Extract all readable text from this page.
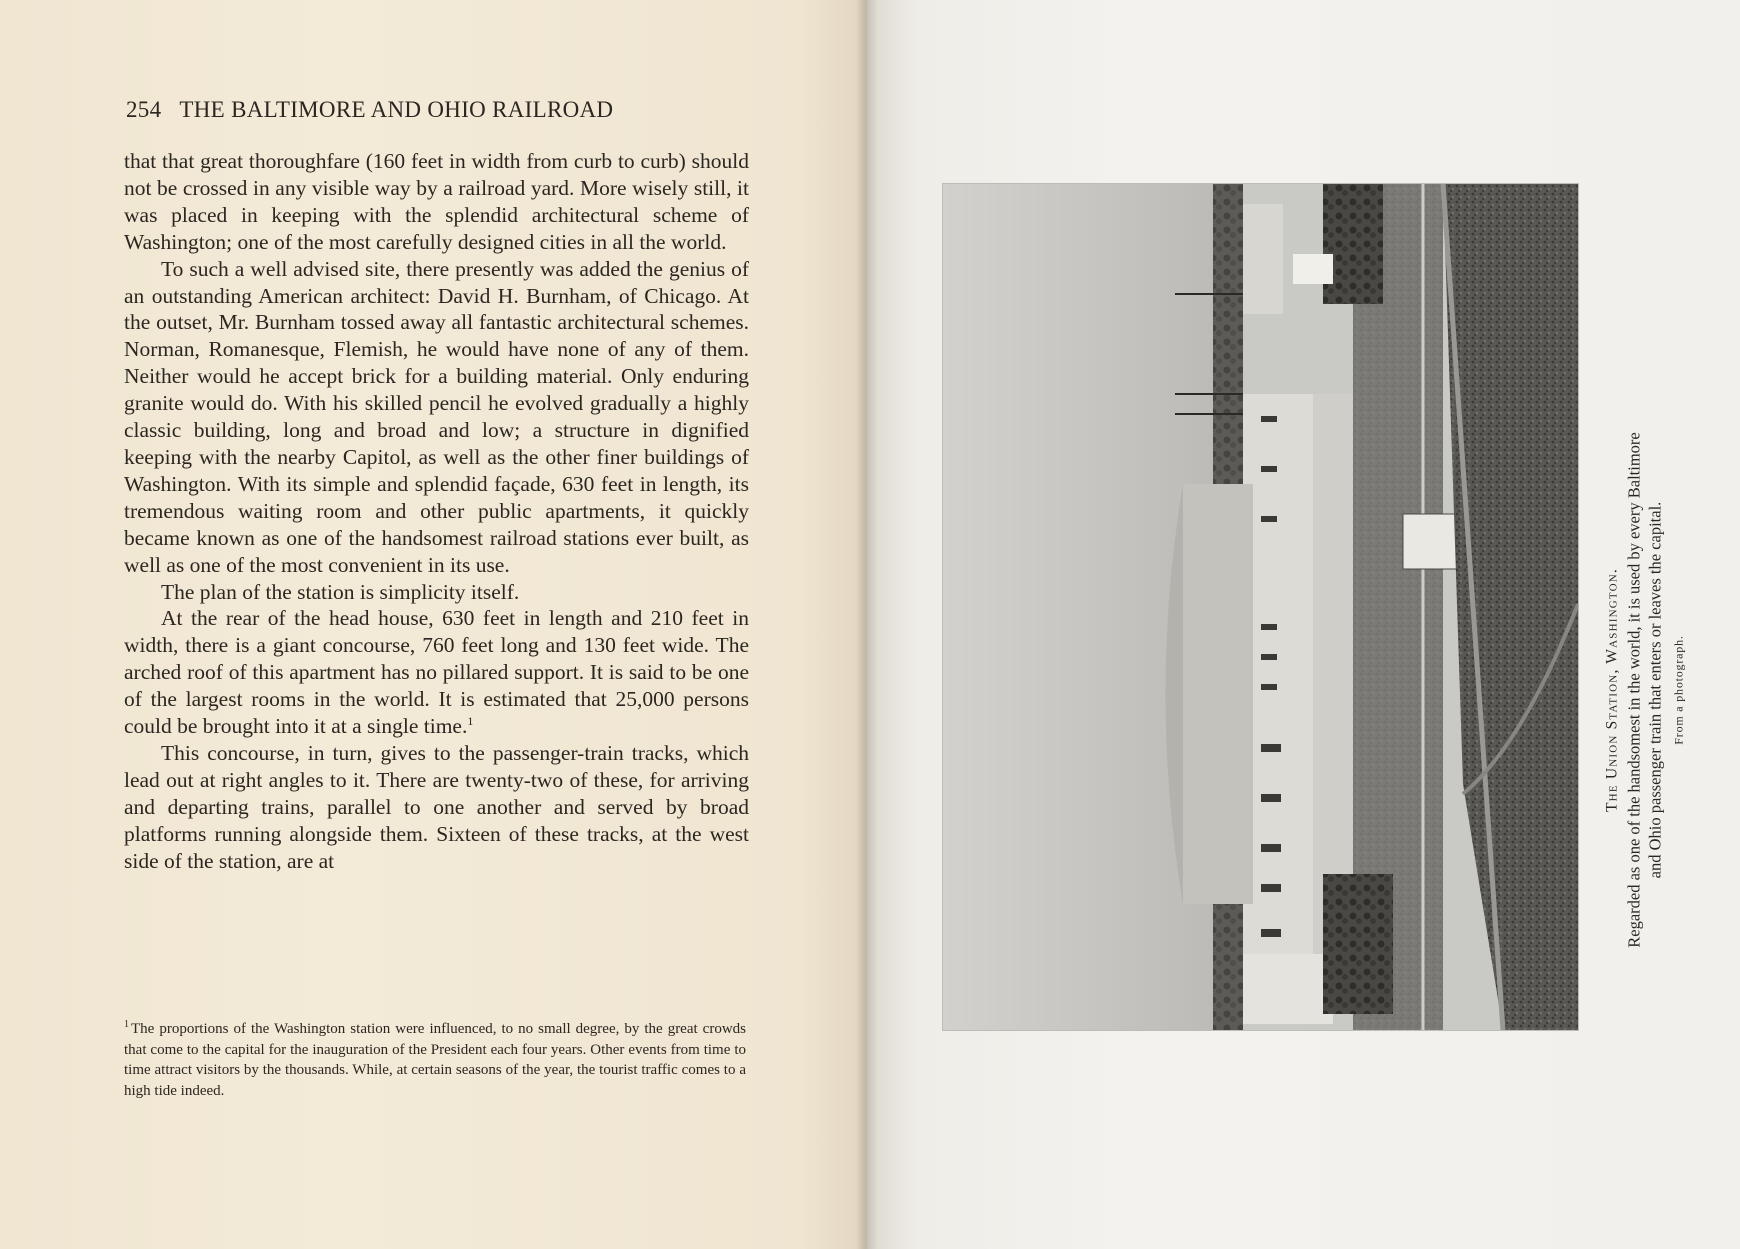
254 THE BALTIMORE AND OHIO RAILROAD

that that great thoroughfare (160 feet in width from curb to curb) should not be crossed in any visible way by a railroad yard. More wisely still, it was placed in keeping with the splendid architectural scheme of Washington; one of the most carefully designed cities in all the world.

To such a well advised site, there presently was added the genius of an outstanding American architect: David H. Burnham, of Chicago. At the outset, Mr. Burnham tossed away all fantastic architectural schemes. Norman, Romanesque, Flemish, he would have none of any of them. Neither would he accept brick for a building material. Only enduring granite would do. With his skilled pencil he evolved gradually a highly classic building, long and broad and low; a structure in dignified keeping with the nearby Capitol, as well as the other finer buildings of Washington. With its simple and splendid façade, 630 feet in length, its tremendous waiting room and other public apartments, it quickly became known as one of the handsomest railroad stations ever built, as well as one of the most convenient in its use.

The plan of the station is simplicity itself.

At the rear of the head house, 630 feet in length and 210 feet in width, there is a giant concourse, 760 feet long and 130 feet wide. The arched roof of this apartment has no pillared support. It is said to be one of the largest rooms in the world. It is estimated that 25,000 persons could be brought into it at a single time.$^1$

This concourse, in turn, gives to the passenger-train tracks, which lead out at right angles to it. There are twenty-two of these, for arriving and departing trains, parallel to one another and served by broad platforms running alongside them. Sixteen of these tracks, at the west side of the station, are at

$^1$ The proportions of the Washington station were influenced, to no small degree, by the great crowds that come to the capital for the inauguration of the President each four years. Other events from time to time attract visitors by the thousands. While, at certain seasons of the year, the tourist traffic comes to a high tide indeed.
The Union Station, Washington. Regarded as one of the handsomest in the world, it is used by every Baltimore and Ohio passenger train that enters or leaves the capital. From a photograph.
